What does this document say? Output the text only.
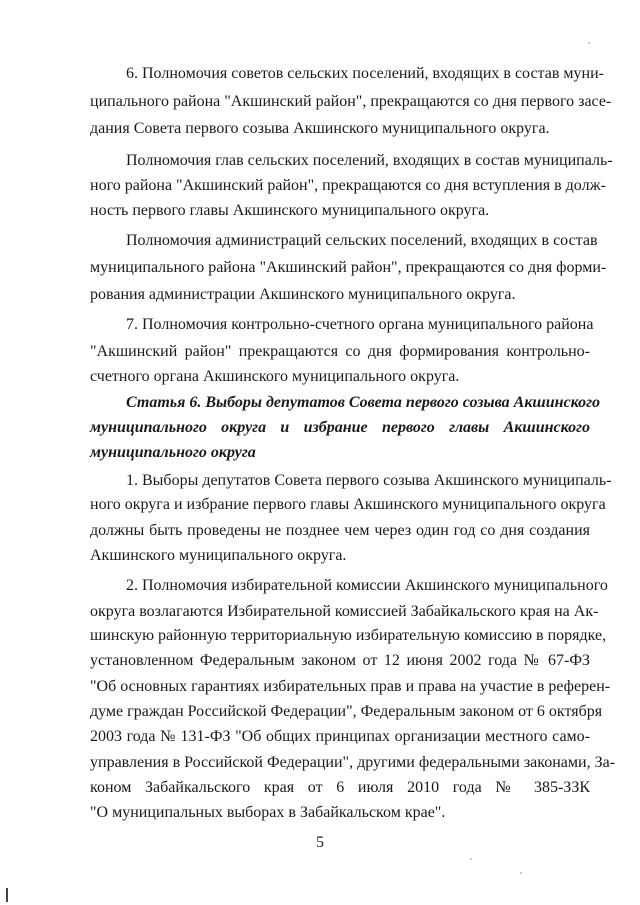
6. Полномочия советов сельских поселений, входящих в состав муни-
ципального района "Акшинский район", прекращаются со дня первого засе-
дания Совета первого созыва Акшинского муниципального округа.
Полномочия глав сельских поселений, входящих в состав муниципаль-
ного района "Акшинский район", прекращаются со дня вступления в долж-
ность первого главы Акшинского муниципального округа.
Полномочия администраций сельских поселений, входящих в состав
муниципального района "Акшинский район", прекращаются со дня форми-
рования администрации Акшинского муниципального округа.
7. Полномочия контрольно-счетного органа муниципального района
"Акшинский район" прекращаются со дня формирования контрольно-
счетного органа Акшинского муниципального округа.
Статья 6. Выборы депутатов Совета первого созыва Акшинского
муниципального округа и избрание первого главы Акшинского
муниципального округа
1. Выборы депутатов Совета первого созыва Акшинского муниципаль-
ного округа и избрание первого главы Акшинского муниципального округа
должны быть проведены не позднее чем через один год со дня создания
Акшинского муниципального округа.
2. Полномочия избирательной комиссии Акшинского муниципального
округа возлагаются Избирательной комиссией Забайкальского края на Ак-
шинскую районную территориальную избирательную комиссию в порядке,
установленном Федеральным законом от 12 июня 2002 года № 67-ФЗ
"Об основных гарантиях избирательных прав и права на участие в референ-
думе граждан Российской Федерации", Федеральным законом от 6 октября
2003 года № 131-ФЗ "Об общих принципах организации местного само-
управления в Российской Федерации", другими федеральными законами, За-
коном Забайкальского края от 6 июля 2010 года № 385-ЗЗК
"О муниципальных выборах в Забайкальском крае".
5
